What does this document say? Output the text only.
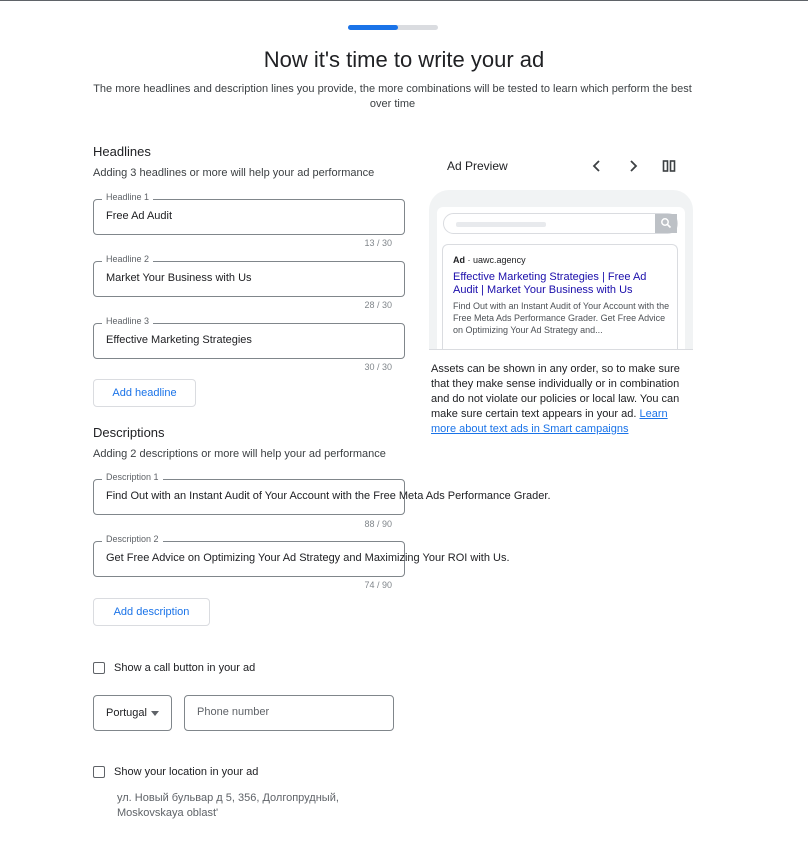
Now it's time to write your ad
The more headlines and description lines you provide, the more combinations will be tested to learn which perform the best over time
Headlines
Adding 3 headlines or more will help your ad performance
Headline 1
Free Ad Audit
13 / 30
Headline 2
Market Your Business with Us
28 / 30
Headline 3
Effective Marketing Strategies
30 / 30
Add headline
Descriptions
Adding 2 descriptions or more will help your ad performance
Description 1
Find Out with an Instant Audit of Your Account with the Free Meta Ads Performance Grader.
88 / 90
Description 2
Get Free Advice on Optimizing Your Ad Strategy and Maximizing Your ROI with Us.
74 / 90
Add description
Show a call button in your ad
Portugal
Phone number
Show your location in your ad
ул. Новый бульвар д 5, 356, Долгопрудный, Moskovskaya oblast'
Ad Preview
Ad · uawc.agency
Effective Marketing Strategies | Free Ad Audit | Market Your Business with Us
Find Out with an Instant Audit of Your Account with the Free Meta Ads Performance Grader. Get Free Advice on Optimizing Your Ad Strategy and...
Assets can be shown in any order, so to make sure that they make sense individually or in combination and do not violate our policies or local law. You can make sure certain text appears in your ad. Learn more about text ads in Smart campaigns
